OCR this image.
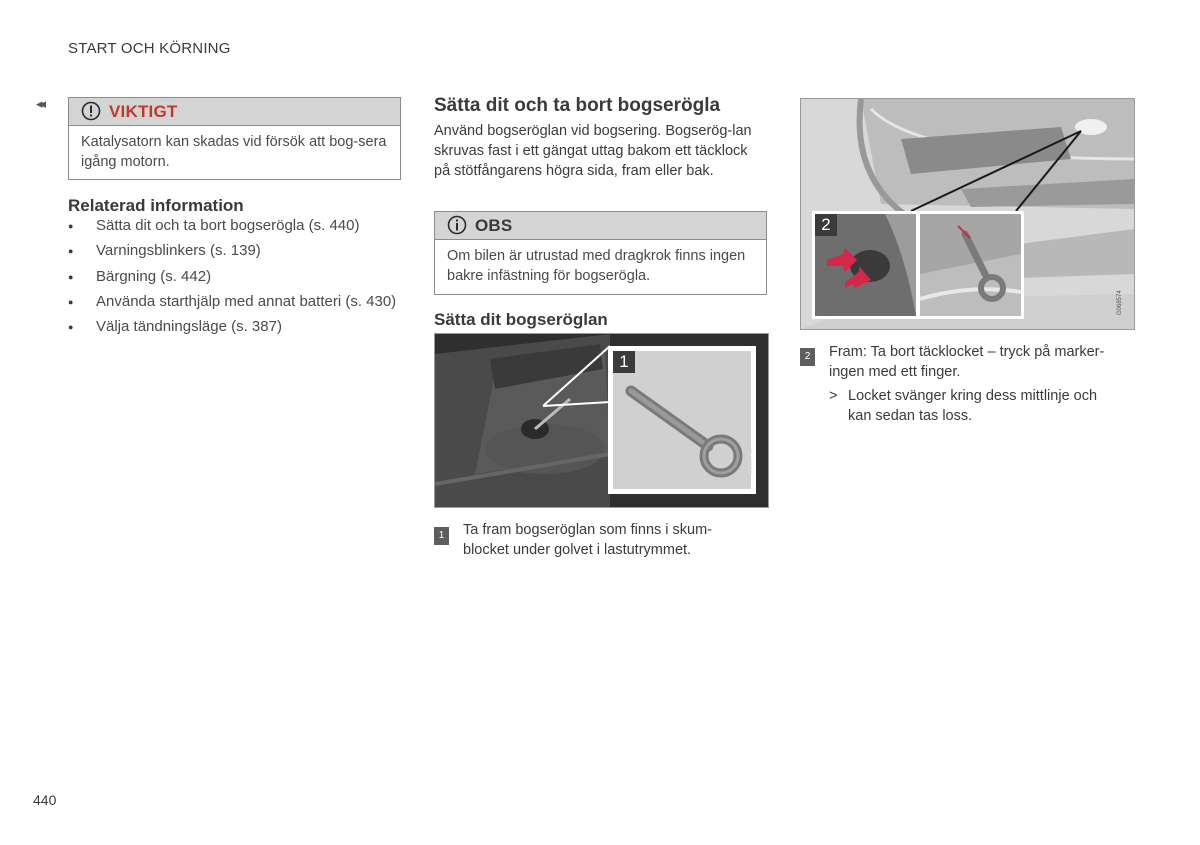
START OCH KÖRNING
◂◂	VIKTIGT
Katalysatorn kan skadas vid försök att bog-sera igång motorn.
Relaterad information
● Sätta dit och ta bort bogserögla (s. 440)
● Varningsblinkers (s. 139)
● Bärgning (s. 442)
● Använda starthjälp med annat batteri (s. 430)
● Välja tändningsläge (s. 387)
Sätta dit och ta bort bogserögla
Använd bogseröglan vid bogsering. Bogserög-lan skruvas fast i ett gängat uttag bakom ett täcklock på stötfångarens högra sida, fram eller bak.
OBS
Om bilen är utrustad med dragkrok finns ingen bakre infästning för bogserögla.
Sätta dit bogseröglan
1
G063746
1	Ta fram bogseröglan som finns i skum-blocket under golvet i lastutrymmet.
2
G068574
2	Fram: Ta bort täcklocket – tryck på marker-ingen med ett finger.
> Locket svänger kring dess mittlinje och kan sedan tas loss.
440
